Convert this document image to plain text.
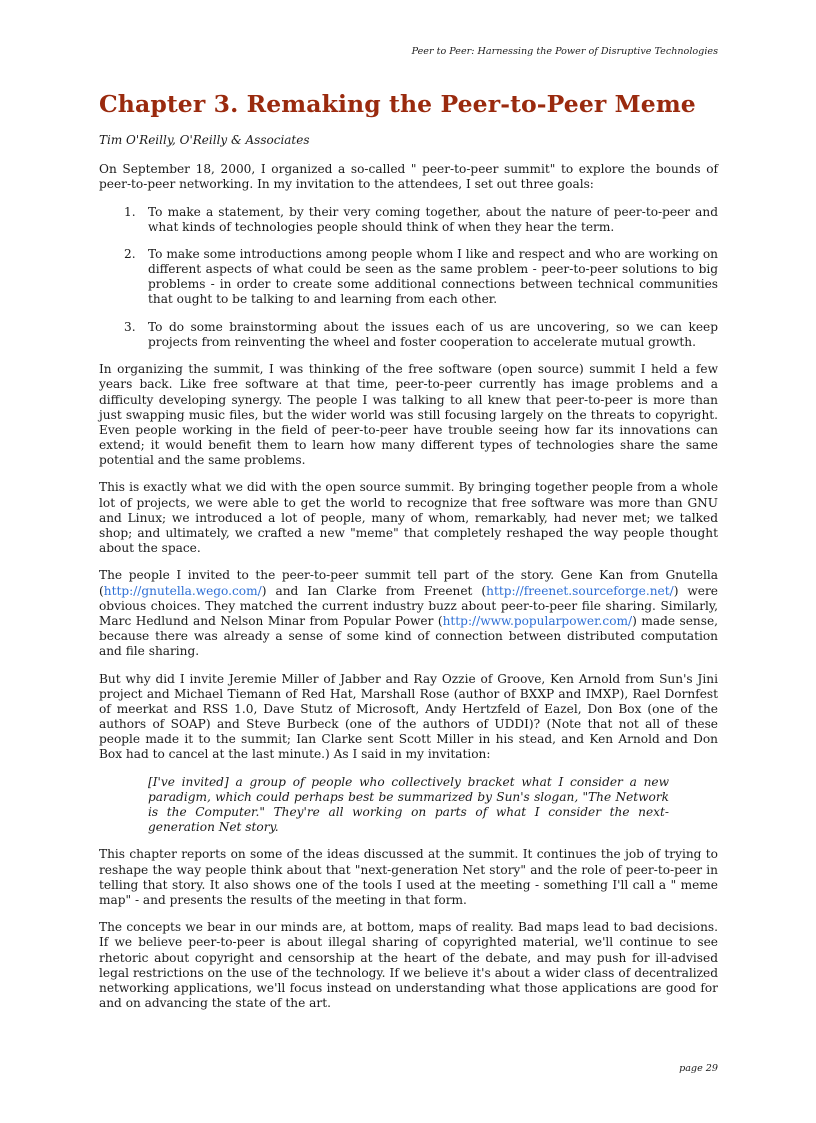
Peer to Peer: Harnessing the Power of Disruptive Technologies
Chapter 3. Remaking the Peer-to-Peer Meme

Tim O'Reilly, O'Reilly & Associates

On September 18, 2000, I organized a so-called " peer-to-peer summit" to explore the bounds of peer-to-peer networking. In my invitation to the attendees, I set out three goals:

1. To make a statement, by their very coming together, about the nature of peer-to-peer and what kinds of technologies people should think of when they hear the term.
2. To make some introductions among people whom I like and respect and who are working on different aspects of what could be seen as the same problem - peer-to-peer solutions to big problems - in order to create some additional connections between technical communities that ought to be talking to and learning from each other.
3. To do some brainstorming about the issues each of us are uncovering, so we can keep projects from reinventing the wheel and foster cooperation to accelerate mutual growth.

In organizing the summit, I was thinking of the free software (open source) summit I held a few years back. Like free software at that time, peer-to-peer currently has image problems and a difficulty developing synergy. The people I was talking to all knew that peer-to-peer is more than just swapping music files, but the wider world was still focusing largely on the threats to copyright. Even people working in the field of peer-to-peer have trouble seeing how far its innovations can extend; it would benefit them to learn how many different types of technologies share the same potential and the same problems.

This is exactly what we did with the open source summit. By bringing together people from a whole lot of projects, we were able to get the world to recognize that free software was more than GNU and Linux; we introduced a lot of people, many of whom, remarkably, had never met; we talked shop; and ultimately, we crafted a new "meme" that completely reshaped the way people thought about the space.

The people I invited to the peer-to-peer summit tell part of the story. Gene Kan from Gnutella (http://gnutella.wego.com/) and Ian Clarke from Freenet (http://freenet.sourceforge.net/) were obvious choices. They matched the current industry buzz about peer-to-peer file sharing. Similarly, Marc Hedlund and Nelson Minar from Popular Power (http://www.popularpower.com/) made sense, because there was already a sense of some kind of connection between distributed computation and file sharing.

But why did I invite Jeremie Miller of Jabber and Ray Ozzie of Groove, Ken Arnold from Sun's Jini project and Michael Tiemann of Red Hat, Marshall Rose (author of BXXP and IMXP), Rael Dornfest of meerkat and RSS 1.0, Dave Stutz of Microsoft, Andy Hertzfeld of Eazel, Don Box (one of the authors of SOAP) and Steve Burbeck (one of the authors of UDDI)? (Note that not all of these people made it to the summit; Ian Clarke sent Scott Miller in his stead, and Ken Arnold and Don Box had to cancel at the last minute.) As I said in my invitation:

[I've invited] a group of people who collectively bracket what I consider a new paradigm, which could perhaps best be summarized by Sun's slogan, "The Network is the Computer." They're all working on parts of what I consider the next-generation Net story.

This chapter reports on some of the ideas discussed at the summit. It continues the job of trying to reshape the way people think about that "next-generation Net story" and the role of peer-to-peer in telling that story. It also shows one of the tools I used at the meeting - something I'll call a " meme map" - and presents the results of the meeting in that form.

The concepts we bear in our minds are, at bottom, maps of reality. Bad maps lead to bad decisions. If we believe peer-to-peer is about illegal sharing of copyrighted material, we'll continue to see rhetoric about copyright and censorship at the heart of the debate, and may push for ill-advised legal restrictions on the use of the technology. If we believe it's about a wider class of decentralized networking applications, we'll focus instead on understanding what those applications are good for and on advancing the state of the art.

page 29
